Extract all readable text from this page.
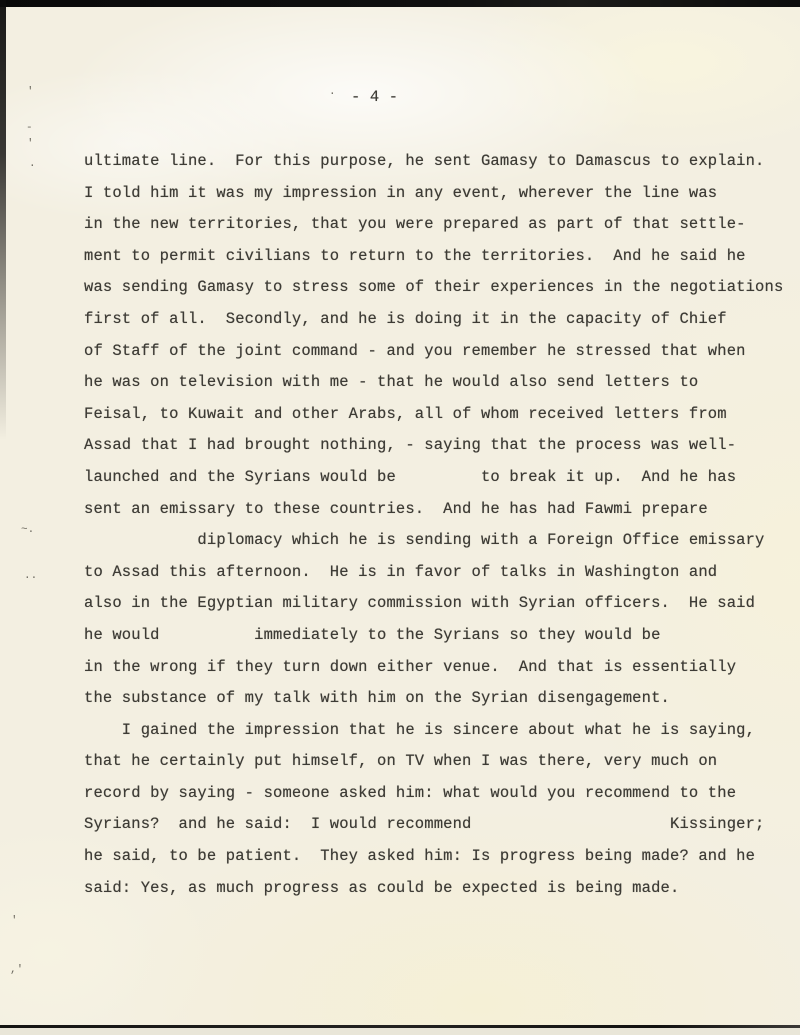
- 4 -
ultimate line.  For this purpose, he sent Gamasy to Damascus to explain.
I told him it was my impression in any event, wherever the line was
in the new territories, that you were prepared as part of that settle-
ment to permit civilians to return to the territories.  And he said he
was sending Gamasy to stress some of their experiences in the negotiations
first of all.  Secondly, and he is doing it in the capacity of Chief
of Staff of the joint command - and you remember he stressed that when
he was on television with me - that he would also send letters to
Feisal, to Kuwait and other Arabs, all of whom received letters from
Assad that I had brought nothing, - saying that the process was well-
launched and the Syrians would be         to break it up.  And he has
sent an emissary to these countries.  And he has had Fawmi prepare
diplomacy which he is sending with a Foreign Office emissary
to Assad this afternoon.  He is in favor of talks in Washington and
also in the Egyptian military commission with Syrian officers.  He said
he would          immediately to the Syrians so they would be
in the wrong if they turn down either venue.  And that is essentially
the substance of my talk with him on the Syrian disengagement.
I gained the impression that he is sincere about what he is saying,
that he certainly put himself, on TV when I was there, very much on
record by saying - someone asked him: what would you recommend to the
Syrians?  and he said:  I would recommend                     Kissinger;
he said, to be patient.  They asked him: Is progress being made? and he
said: Yes, as much progress as could be expected is being made.
'
-
'
.
~.
..
'
,'
.
